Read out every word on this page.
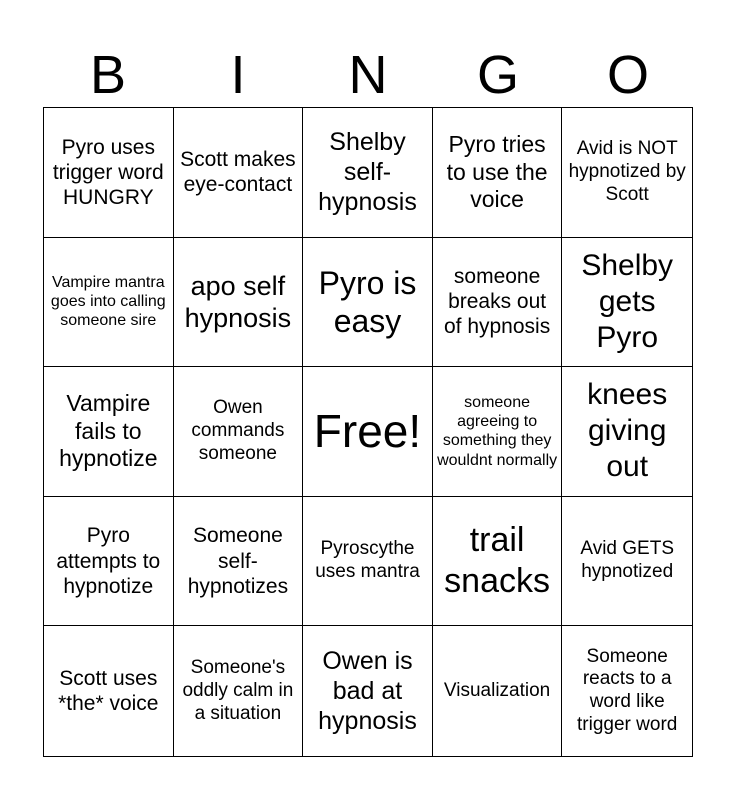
B	I	N	G	O
Pyro uses trigger word HUNGRY
Scott makes eye-contact
Shelby self-hypnosis
Pyro tries to use the voice
Avid is NOT hypnotized by Scott
Vampire mantra goes into calling someone sire
apo self hypnosis
Pyro is easy
someone breaks out of hypnosis
Shelby gets Pyro
Vampire fails to hypnotize
Owen commands someone Free!
someone agreeing to something they wouldnt normally
knees giving out
Pyro attempts to hypnotize
Someone self-hypnotizes
Pyroscythe uses mantra
trail snacks
Avid GETS hypnotized
Scott uses *the* voice
Someone's oddly calm in a situation
Owen is bad at hypnosis
Visualization
Someone reacts to a word like trigger word
